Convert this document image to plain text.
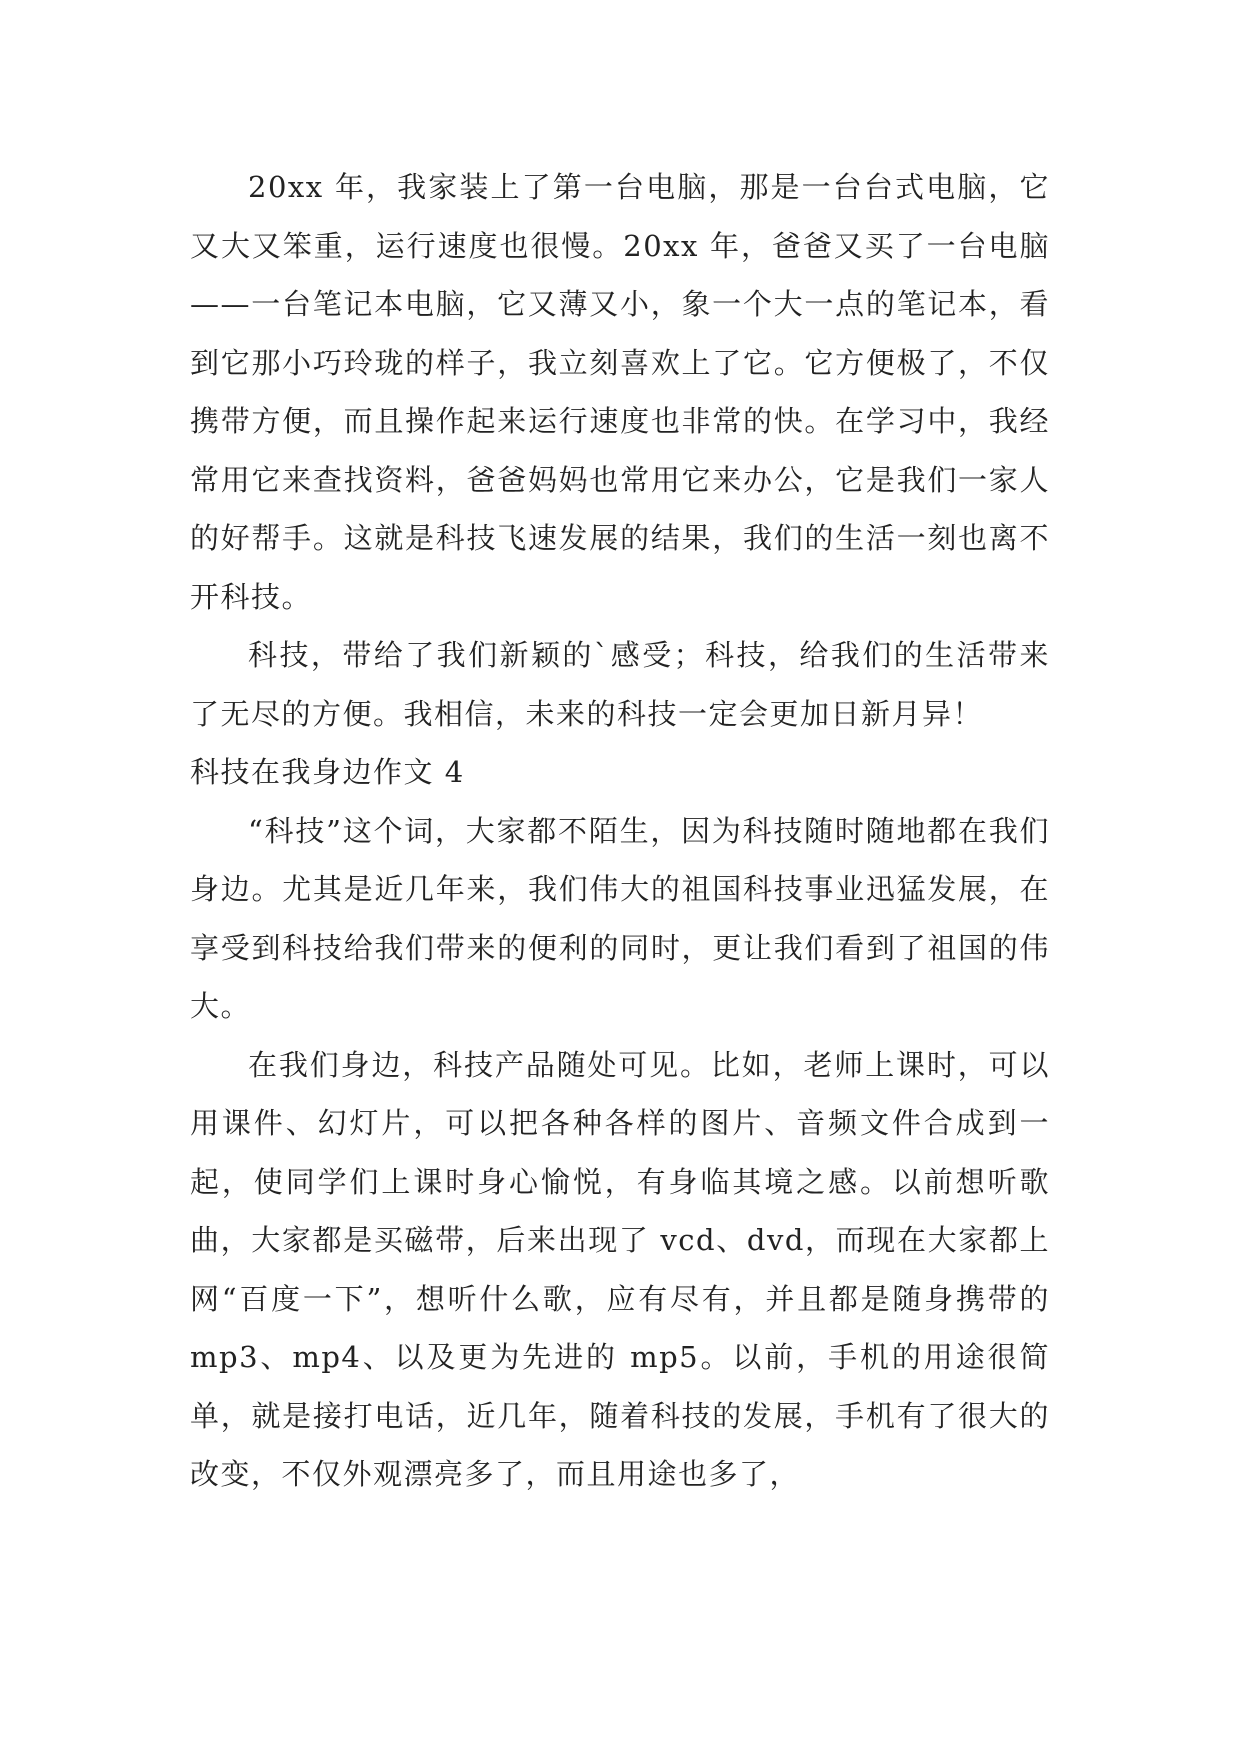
20xx 年，我家装上了第一台电脑，那是一台台式电脑，它又大又笨重，运行速度也很慢。20xx 年，爸爸又买了一台电脑——一台笔记本电脑，它又薄又小，象一个大一点的笔记本，看到它那小巧玲珑的样子，我立刻喜欢上了它。它方便极了，不仅携带方便，而且操作起来运行速度也非常的快。在学习中，我经常用它来查找资料，爸爸妈妈也常用它来办公，它是我们一家人的好帮手。这就是科技飞速发展的结果，我们的生活一刻也离不开科技。

科技，带给了我们新颖的`感受；科技，给我们的生活带来了无尽的方便。我相信，未来的科技一定会更加日新月异！

科技在我身边作文 4

“科技”这个词，大家都不陌生，因为科技随时随地都在我们身边。尤其是近几年来，我们伟大的祖国科技事业迅猛发展，在享受到科技给我们带来的便利的同时，更让我们看到了祖国的伟大。

在我们身边，科技产品随处可见。比如，老师上课时，可以用课件、幻灯片，可以把各种各样的图片、音频文件合成到一起，使同学们上课时身心愉悦，有身临其境之感。以前想听歌曲，大家都是买磁带，后来出现了 vcd、dvd，而现在大家都上网“百度一下”，想听什么歌，应有尽有，并且都是随身携带的 mp3、mp4、以及更为先进的 mp5。以前，手机的用途很简单，就是接打电话，近几年，随着科技的发展，手机有了很大的改变，不仅外观漂亮多了，而且用途也多了，
